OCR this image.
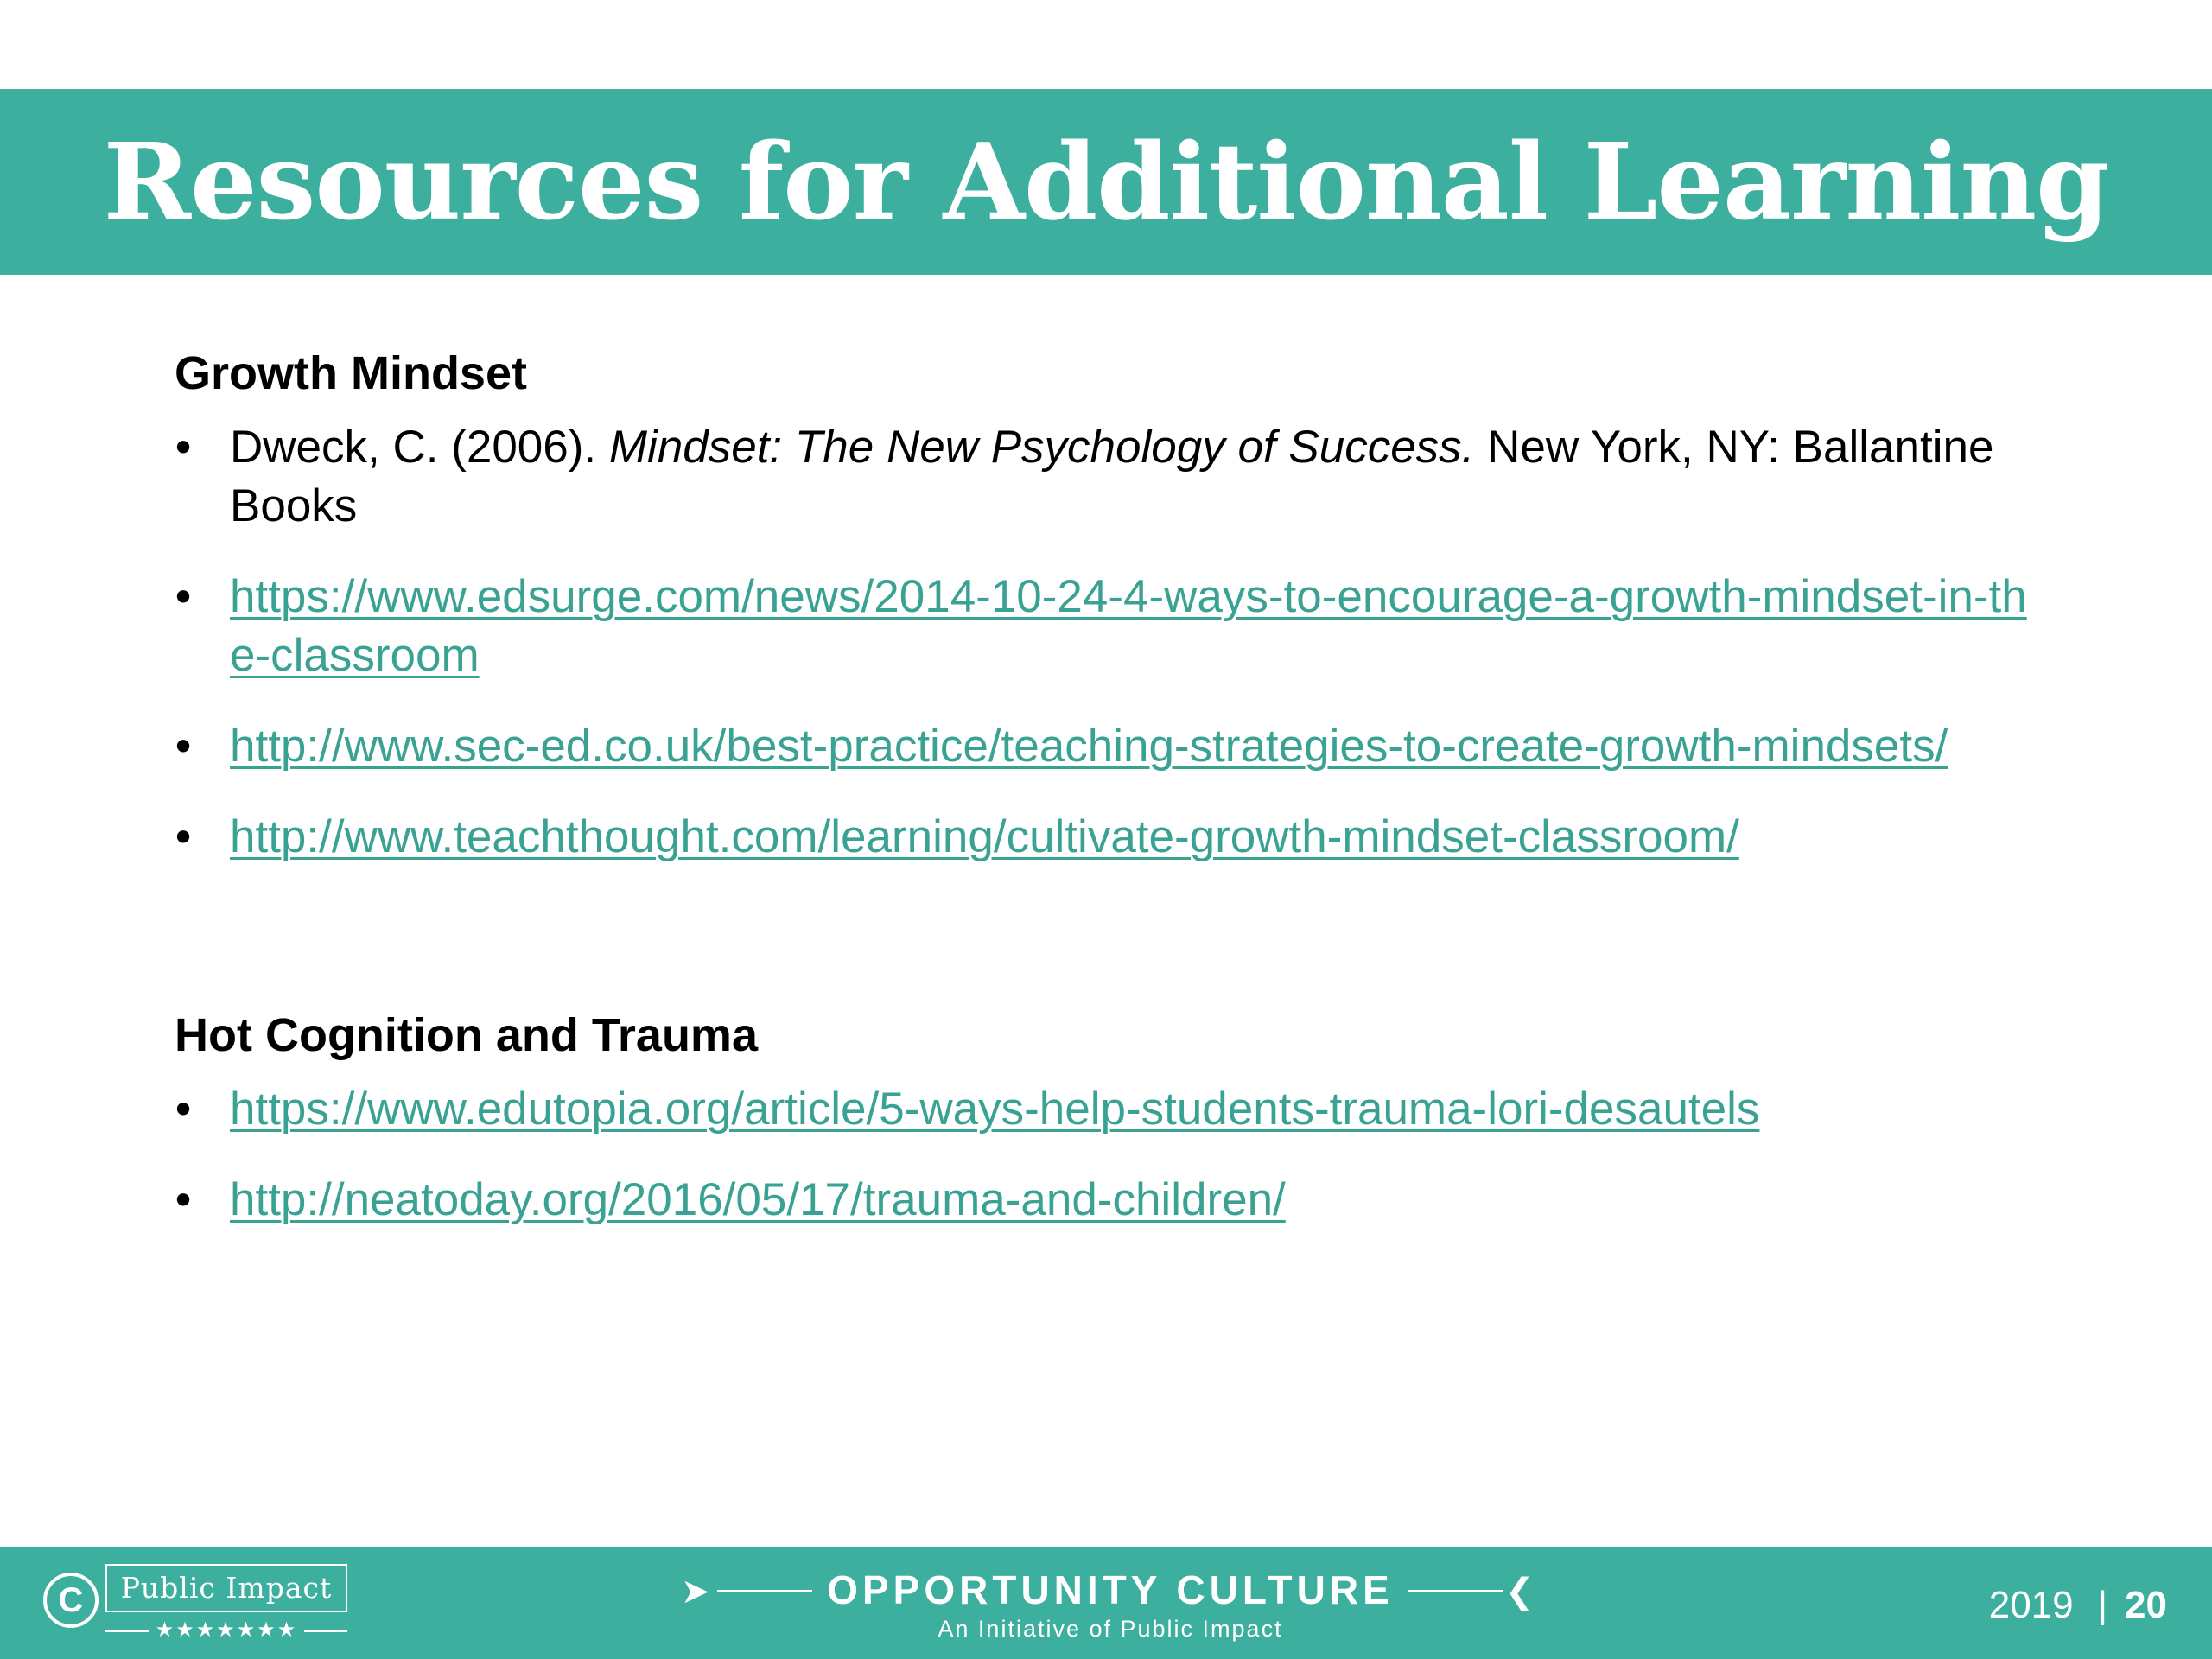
Resources for Additional Learning
Growth Mindset
• Dweck, C. (2006). Mindset: The New Psychology of Success. New York, NY: Ballantine Books
• https://www.edsurge.com/news/2014-10-24-4-ways-to-encourage-a-growth-mindset-in-the-classroom
• http://www.sec-ed.co.uk/best-practice/teaching-strategies-to-create-growth-mindsets/
• http://www.teachthought.com/learning/cultivate-growth-mindset-classroom/
Hot Cognition and Trauma
• https://www.edutopia.org/article/5-ways-help-students-trauma-lori-desautels
• http://neatoday.org/2016/05/17/trauma-and-children/
C	Public Impact
★★★★★★★
➤	OPPORTUNITY CULTURE
An Initiative of Public Impact
❮	2019 | 20
